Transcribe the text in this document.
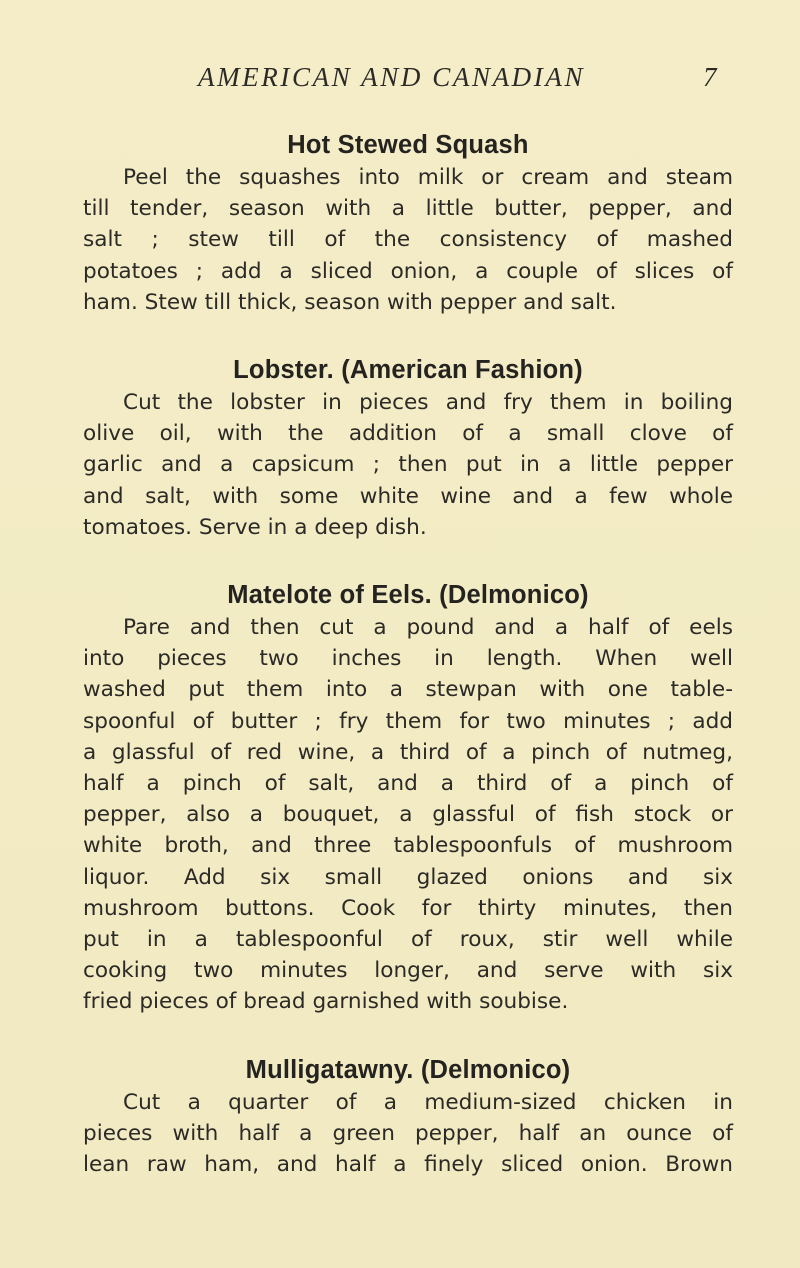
AMERICAN AND CANADIAN	7
Hot Stewed Squash

Peel the squashes into milk or cream and steam
till tender, season with a little butter, pepper, and
salt ; stew till of the consistency of mashed
potatoes ; add a sliced onion, a couple of slices of
ham. Stew till thick, season with pepper and salt.

Lobster. (American Fashion)

Cut the lobster in pieces and fry them in boiling
olive oil, with the addition of a small clove of
garlic and a capsicum ; then put in a little pepper
and salt, with some white wine and a few whole
tomatoes. Serve in a deep dish.

Matelote of Eels. (Delmonico)

Pare and then cut a pound and a half of eels
into pieces two inches in length. When well
washed put them into a stewpan with one table-
spoonful of butter ; fry them for two minutes ; add
a glassful of red wine, a third of a pinch of nutmeg,
half a pinch of salt, and a third of a pinch of
pepper, also a bouquet, a glassful of fish stock or
white broth, and three tablespoonfuls of mushroom
liquor. Add six small glazed onions and six
mushroom buttons. Cook for thirty minutes, then
put in a tablespoonful of roux, stir well while
cooking two minutes longer, and serve with six
fried pieces of bread garnished with soubise.

Mulligatawny. (Delmonico)

Cut a quarter of a medium-sized chicken in
pieces with half a green pepper, half an ounce of
lean raw ham, and half a finely sliced onion. Brown
